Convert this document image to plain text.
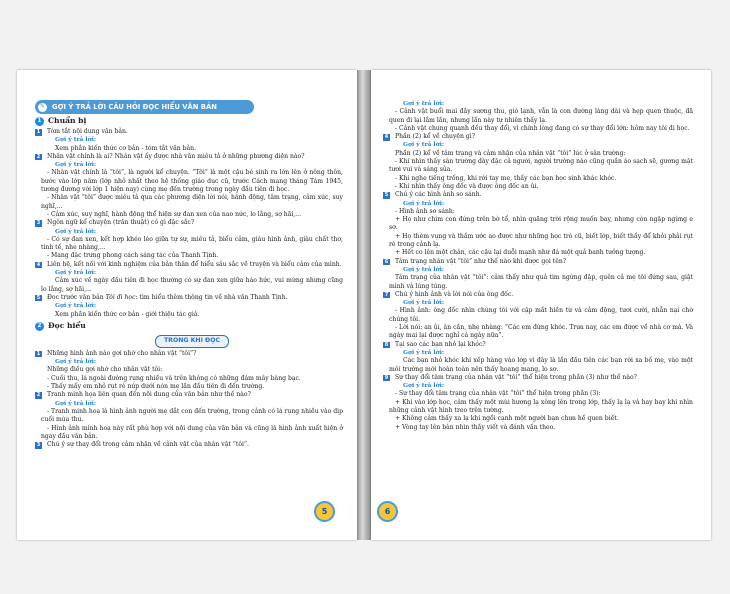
✎ GỢI Ý TRẢ LỜI CÂU HỎI ĐỌC HIỂU VĂN BẢN
1 Chuẩn bị
1 Tóm tắt nội dung văn bản.
Gợi ý trả lời:
Xem phần kiến thức cơ bản - tóm tắt văn bản.
2 Nhân vật chính là ai? Nhân vật ấy được nhà văn miêu tả ở những phương diện nào?
Gợi ý trả lời:
- Nhân vật chính là “tôi”, là người kể chuyện. “Tôi” là một cậu bé sinh ra lớn lên ở nông thôn, bước vào lớp năm (lớp nhỏ nhất theo hệ thống giáo dục cũ, trước Cách mạng tháng Tám 1945, tương đương với lớp 1 hiện nay) cùng mẹ đến trường trong ngày đầu tiên đi học.
- Nhân vật “tôi” được miêu tả qua các phương diện lời nói, hành động, tâm trạng, cảm xúc, suy nghĩ,...
- Cảm xúc, suy nghĩ, hành động thể hiện sự đan xen của nao nức, lo lắng, sợ hãi,...
3 Ngôn ngữ kể chuyện (trần thuật) có gì đặc sắc?
Gợi ý trả lời:
- Có sự đan xen, kết hợp khéo léo giữa tự sự, miêu tả, biểu cảm, giàu hình ảnh, giàu chất thơ, tinh tế, nhẹ nhàng,...
- Mang đặc trưng phong cách sáng tác của Thanh Tịnh.
4 Liên hệ, kết nối với kinh nghiệm của bản thân để hiểu sâu sắc về truyện và biểu cảm của mình.
Gợi ý trả lời:
Cảm xúc về ngày đầu tiên đi học thường có sự đan xen giữa háo hức, vui mừng nhưng cũng lo lắng, sợ hãi,...
5 Đọc trước văn bản Tôi đi học: tìm hiểu thêm thông tin về nhà văn Thanh Tịnh.
Gợi ý trả lời:
Xem phần kiến thức cơ bản - giới thiệu tác giả.
2 Đọc hiểu
TRONG KHI ĐỌC
1 Những hình ảnh nào gợi nhớ cho nhân vật “tôi”?
Gợi ý trả lời:
Những điều gợi nhớ cho nhân vật tôi:
- Cuối thu, lá ngoài đường rụng nhiều và trên không có những đám mây bàng bạc.
- Thấy mấy em nhỏ rụt rè núp dưới nón mẹ lần đầu tiên đi đến trường.
2 Tranh minh họa liên quan đến nội dung của văn bản như thế nào?
Gợi ý trả lời:
- Tranh minh hoạ là hình ảnh người mẹ dắt con đến trường, trong cảnh có lá rụng nhiều vào dịp cuối mùa thu.
- Hình ảnh minh hoạ này rất phù hợp với nội dung của văn bản và cũng là hình ảnh xuất hiện ở ngay đầu văn bản.
3 Chú ý sự thay đổi trong cảm nhận về cảnh vật của nhân vật “tôi”.
5
Gợi ý trả lời:
- Cảnh vật buổi mai đầy sương thu, gió lạnh, vẫn là con đường làng dài và hẹp quen thuộc, đã quen đi lại lắm lần, nhưng lần này tự nhiên thấy lạ.
- Cảnh vật chung quanh đều thay đổi, vì chính lòng đang có sự thay đổi lớn: hôm nay tôi đi học.
4 Phần (2) kể về chuyện gì?
Gợi ý trả lời:
Phần (2) kể về tâm trạng và cảm nhận của nhân vật “tôi” lúc ở sân trường:
- Khi nhìn thấy sân trường dày đặc cả người, người trường nào cũng quần áo sạch sẽ, gương mặt tươi vui và sáng sủa.
- Khi nghe tiếng trống, khi rời tay mẹ, thấy các bạn học sinh khác khóc.
- Khi nhìn thấy ông đốc và được ông đốc an ủi.
5 Chú ý các hình ảnh so sánh.
Gợi ý trả lời:
- Hình ảnh so sánh:
+ Họ như chim con đứng trên bờ tổ, nhìn quãng trời rộng muốn bay, nhưng còn ngập ngừng e sợ.
+ Họ thèm vụng và thầm ước ao được như những học trò cũ, biết lớp, biết thầy để khỏi phải rụt rè trong cảnh lạ.
+ Hết co lên một chân, các cậu lại duỗi mạnh như đá một quả banh tưởng tượng.
6 Tâm trạng nhân vật “tôi” như thế nào khi được gọi tên?
Gợi ý trả lời:
Tâm trạng của nhân vật “tôi”: cảm thấy như quả tim ngừng đập, quên cả mẹ tôi đứng sau, giật mình và lúng túng.
7 Chú ý hình ảnh và lời nói của ông đốc.
Gợi ý trả lời:
- Hình ảnh: ông đốc nhìn chúng tôi với cặp mắt hiền từ và cảm động, tươi cười, nhẫn nại chờ chúng tôi.
- Lời nói: an ủi, ân cần, nhẹ nhàng: “Các em đừng khóc. Trưa nay, các em được về nhà cơ mà. Và ngày mai lại được nghỉ cả ngày nữa”.
8 Tại sao các bạn nhỏ lại khóc?
Gợi ý trả lời:
Các bạn nhỏ khóc khi xếp hàng vào lớp vì đây là lần đầu tiên các bạn rời xa bố mẹ, vào một môi trường mới hoàn toàn nên thấy hoang mang, lo sợ.
9 Sự thay đổi tâm trạng của nhân vật “tôi” thể hiện trong phần (3) như thế nào?
Gợi ý trả lời:
- Sự thay đổi tâm trạng của nhân vật “tôi” thể hiện trong phần (3):
+ Khi vào lớp học, cảm thấy một mùi hương lạ xông lên trong lớp, thấy lạ lạ và hay hay khi nhìn những cảnh vật hình treo trên tường.
+ Không cảm thấy xa lạ khi ngồi cạnh một người bạn chưa hề quen biết.
+ Vòng tay lên bàn nhìn thầy viết và đánh vần theo.
6
